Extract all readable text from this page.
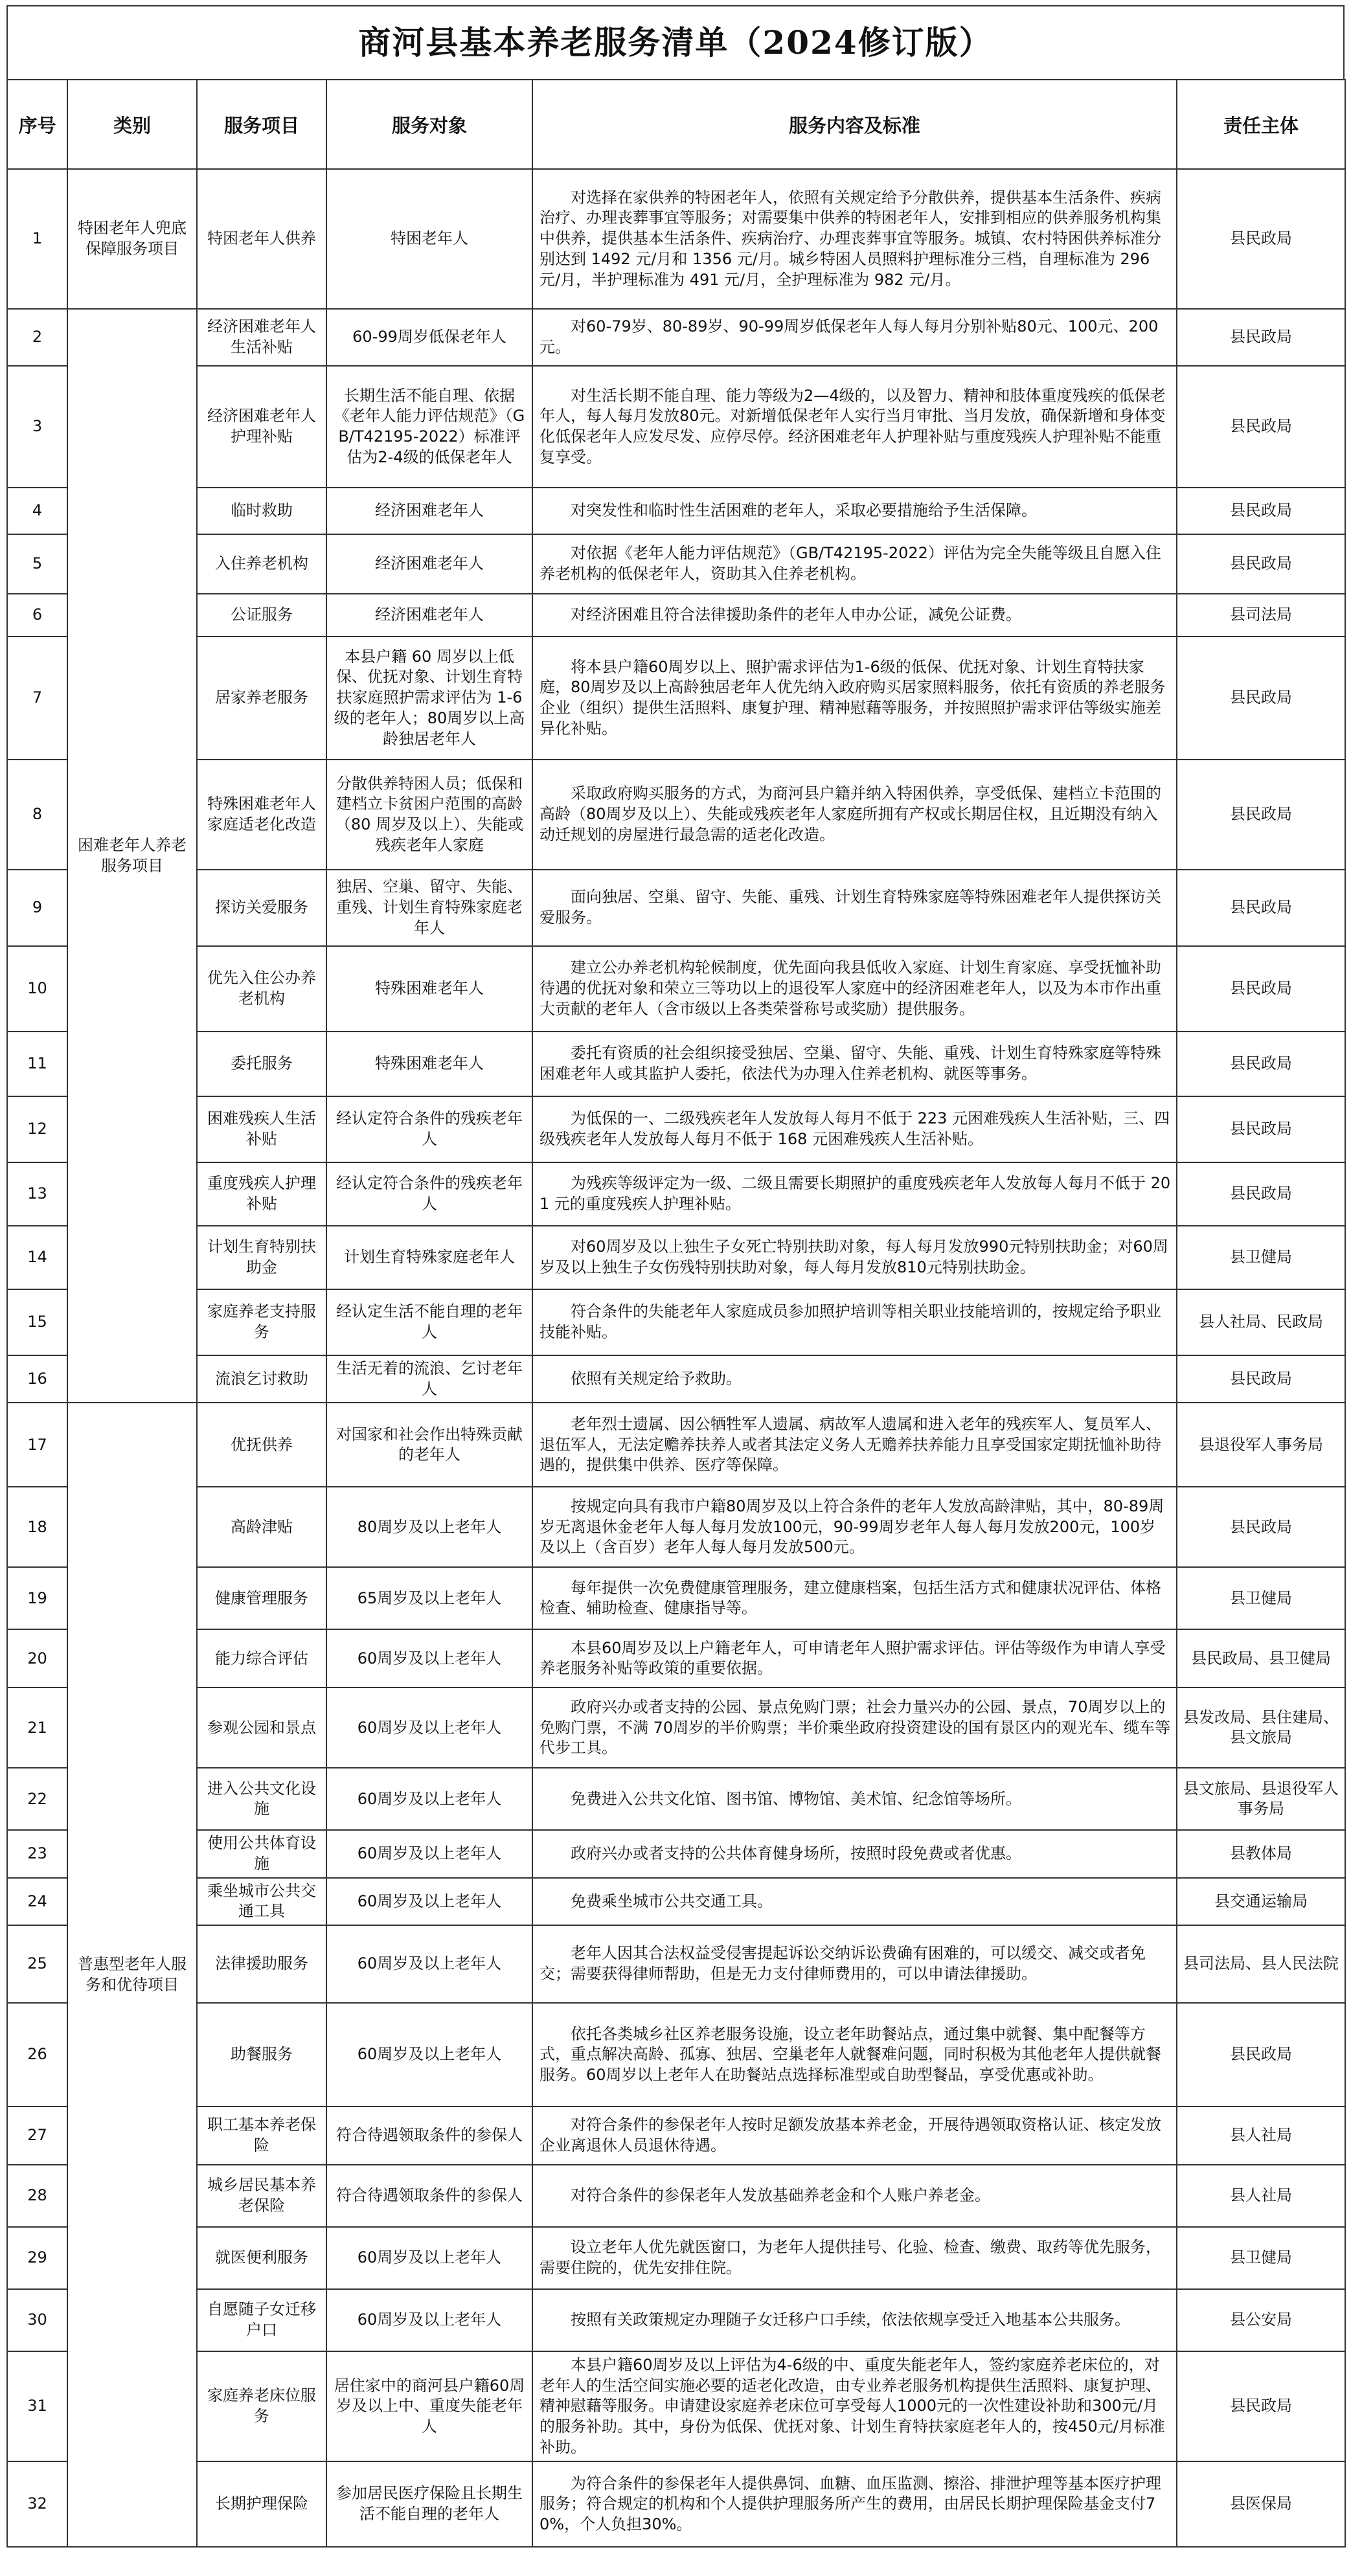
商河县基本养老服务清单（2024修订版）
序号	类别	服务项目	服务对象	服务内容及标准	责任主体
1	特困老年人兜底保障服务项目	特困老年人供养	特困老年人	对选择在家供养的特困老年人，依照有关规定给予分散供养，提供基本生活条件、疾病治疗、办理丧葬事宜等服务；对需要集中供养的特困老年人，安排到相应的供养服务机构集中供养，提供基本生活条件、疾病治疗、办理丧葬事宜等服务。城镇、农村特困供养标准分别达到 1492 元/月和 1356 元/月。城乡特困人员照料护理标准分三档，自理标准为 296 元/月，半护理标准为 491 元/月，全护理标准为 982 元/月。	县民政局
2	困难老年人养老服务项目	经济困难老年人生活补贴	60-99周岁低保老年人	对60-79岁、80-89岁、90-99周岁低保老年人每人每月分别补贴80元、100元、200元。	县民政局
3		经济困难老年人护理补贴	长期生活不能自理、依据《老年人能力评估规范》（GB/T42195-2022）标准评估为2-4级的低保老年人	对生活长期不能自理、能力等级为2—4级的，以及智力、精神和肢体重度残疾的低保老年人，每人每月发放80元。对新增低保老年人实行当月审批、当月发放，确保新增和身体变化低保老年人应发尽发、应停尽停。经济困难老年人护理补贴与重度残疾人护理补贴不能重复享受。	县民政局
4		临时救助	经济困难老年人	对突发性和临时性生活困难的老年人，采取必要措施给予生活保障。	县民政局
5		入住养老机构	经济困难老年人	对依据《老年人能力评估规范》（GB/T42195-2022）评估为完全失能等级且自愿入住养老机构的低保老年人，资助其入住养老机构。	县民政局
6		公证服务	经济困难老年人	对经济困难且符合法律援助条件的老年人申办公证，减免公证费。	县司法局
7		居家养老服务	本县户籍 60 周岁以上低保、优抚对象、计划生育特扶家庭照护需求评估为 1-6 级的老年人；80周岁以上高龄独居老年人	将本县户籍60周岁以上、照护需求评估为1-6级的低保、优抚对象、计划生育特扶家庭，80周岁及以上高龄独居老年人优先纳入政府购买居家照料服务，依托有资质的养老服务企业（组织）提供生活照料、康复护理、精神慰藉等服务，并按照照护需求评估等级实施差异化补贴。	县民政局
8		特殊困难老年人家庭适老化改造	分散供养特困人员；低保和建档立卡贫困户范围的高龄（80 周岁及以上）、失能或残疾老年人家庭	采取政府购买服务的方式，为商河县户籍并纳入特困供养，享受低保、建档立卡范围的高龄（80周岁及以上）、失能或残疾老年人家庭所拥有产权或长期居住权，且近期没有纳入动迁规划的房屋进行最急需的适老化改造。	县民政局
9		探访关爱服务	独居、空巢、留守、失能、重残、计划生育特殊家庭老年人	面向独居、空巢、留守、失能、重残、计划生育特殊家庭等特殊困难老年人提供探访关爱服务。	县民政局
10		优先入住公办养老机构	特殊困难老年人	建立公办养老机构轮候制度，优先面向我县低收入家庭、计划生育家庭、享受抚恤补助待遇的优抚对象和荣立三等功以上的退役军人家庭中的经济困难老年人，以及为本市作出重大贡献的老年人（含市级以上各类荣誉称号或奖励）提供服务。	县民政局
11		委托服务	特殊困难老年人	委托有资质的社会组织接受独居、空巢、留守、失能、重残、计划生育特殊家庭等特殊困难老年人或其监护人委托，依法代为办理入住养老机构、就医等事务。	县民政局
12		困难残疾人生活补贴	经认定符合条件的残疾老年人	为低保的一、二级残疾老年人发放每人每月不低于 223 元困难残疾人生活补贴，三、四级残疾老年人发放每人每月不低于 168 元困难残疾人生活补贴。	县民政局
13		重度残疾人护理补贴	经认定符合条件的残疾老年人	为残疾等级评定为一级、二级且需要长期照护的重度残疾老年人发放每人每月不低于 201 元的重度残疾人护理补贴。	县民政局
14		计划生育特别扶助金	计划生育特殊家庭老年人	对60周岁及以上独生子女死亡特别扶助对象，每人每月发放990元特别扶助金；对60周岁及以上独生子女伤残特别扶助对象，每人每月发放810元特别扶助金。	县卫健局
15		家庭养老支持服务	经认定生活不能自理的老年人	符合条件的失能老年人家庭成员参加照护培训等相关职业技能培训的，按规定给予职业技能补贴。	县人社局、民政局
16		流浪乞讨救助	生活无着的流浪、乞讨老年人	依照有关规定给予救助。	县民政局
17	普惠型老年人服务和优待项目	优抚供养	对国家和社会作出特殊贡献的老年人	老年烈士遗属、因公牺牲军人遗属、病故军人遗属和进入老年的残疾军人、复员军人、退伍军人，无法定赡养扶养人或者其法定义务人无赡养扶养能力且享受国家定期抚恤补助待遇的，提供集中供养、医疗等保障。	县退役军人事务局
18		高龄津贴	80周岁及以上老年人	按规定向具有我市户籍80周岁及以上符合条件的老年人发放高龄津贴，其中，80-89周岁无离退休金老年人每人每月发放100元，90-99周岁老年人每人每月发放200元，100岁及以上（含百岁）老年人每人每月发放500元。	县民政局
19		健康管理服务	65周岁及以上老年人	每年提供一次免费健康管理服务，建立健康档案，包括生活方式和健康状况评估、体格检查、辅助检查、健康指导等。	县卫健局
20		能力综合评估	60周岁及以上老年人	本县60周岁及以上户籍老年人，可申请老年人照护需求评估。评估等级作为申请人享受养老服务补贴等政策的重要依据。	县民政局、县卫健局
21		参观公园和景点	60周岁及以上老年人	政府兴办或者支持的公园、景点免购门票；社会力量兴办的公园、景点，70周岁以上的免购门票，不满 70周岁的半价购票；半价乘坐政府投资建设的国有景区内的观光车、缆车等代步工具。	县发改局、县住建局、县文旅局
22		进入公共文化设施	60周岁及以上老年人	免费进入公共文化馆、图书馆、博物馆、美术馆、纪念馆等场所。	县文旅局、县退役军人事务局
23		使用公共体育设施	60周岁及以上老年人	政府兴办或者支持的公共体育健身场所，按照时段免费或者优惠。	县教体局
24		乘坐城市公共交通工具	60周岁及以上老年人	免费乘坐城市公共交通工具。	县交通运输局
25		法律援助服务	60周岁及以上老年人	老年人因其合法权益受侵害提起诉讼交纳诉讼费确有困难的，可以缓交、减交或者免交；需要获得律师帮助，但是无力支付律师费用的，可以申请法律援助。	县司法局、县人民法院
26		助餐服务	60周岁及以上老年人	依托各类城乡社区养老服务设施，设立老年助餐站点，通过集中就餐、集中配餐等方式，重点解决高龄、孤寡、独居、空巢老年人就餐难问题，同时积极为其他老年人提供就餐服务。60周岁以上老年人在助餐站点选择标准型或自助型餐品，享受优惠或补助。	县民政局
27		职工基本养老保险	符合待遇领取条件的参保人	对符合条件的参保老年人按时足额发放基本养老金，开展待遇领取资格认证、核定发放企业离退休人员退休待遇。	县人社局
28		城乡居民基本养老保险	符合待遇领取条件的参保人	对符合条件的参保老年人发放基础养老金和个人账户养老金。	县人社局
29		就医便利服务	60周岁及以上老年人	设立老年人优先就医窗口，为老年人提供挂号、化验、检查、缴费、取药等优先服务，需要住院的，优先安排住院。	县卫健局
30		自愿随子女迁移户口	60周岁及以上老年人	按照有关政策规定办理随子女迁移户口手续，依法依规享受迁入地基本公共服务。	县公安局
31		家庭养老床位服务	居住家中的商河县户籍60周岁及以上中、重度失能老年人	本县户籍60周岁及以上评估为4-6级的中、重度失能老年人，签约家庭养老床位的，对老年人的生活空间实施必要的适老化改造，由专业养老服务机构提供生活照料、康复护理、精神慰藉等服务。申请建设家庭养老床位可享受每人1000元的一次性建设补助和300元/月的服务补助。其中，身份为低保、优抚对象、计划生育特扶家庭老年人的，按450元/月标准补助。	县民政局
32		长期护理保险	参加居民医疗保险且长期生活不能自理的老年人	为符合条件的参保老年人提供鼻饲、血糖、血压监测、擦浴、排泄护理等基本医疗护理服务；符合规定的机构和个人提供护理服务所产生的费用，由居民长期护理保险基金支付70%，个人负担30%。	县医保局
